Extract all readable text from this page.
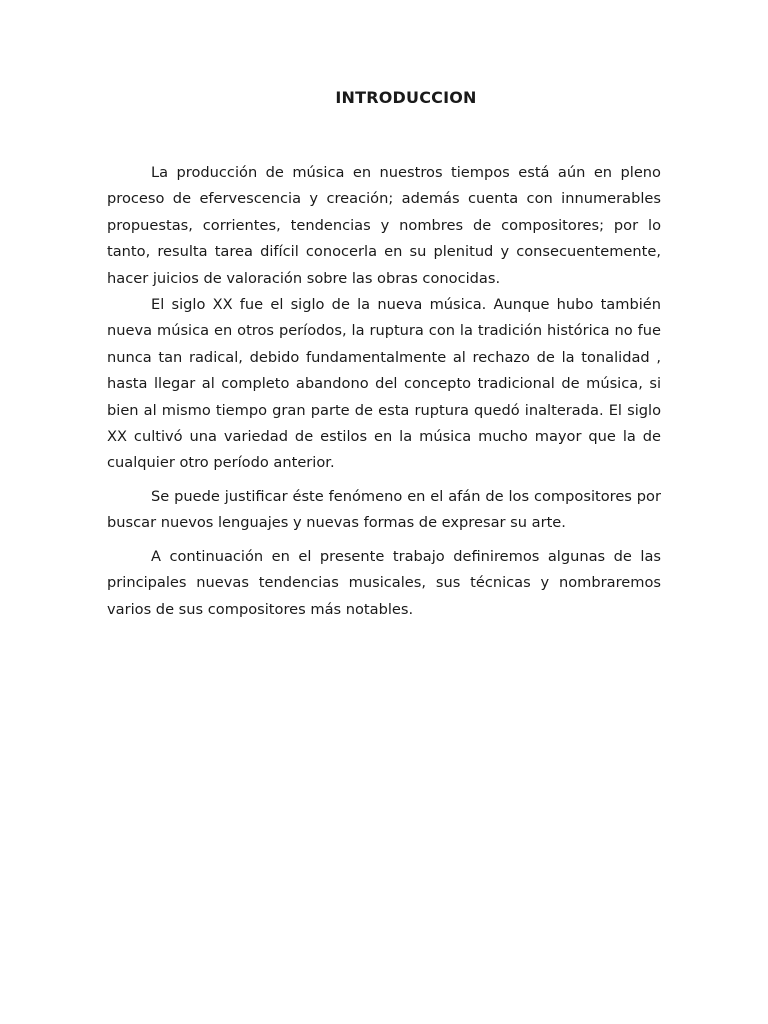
INTRODUCCION

La producción de música en nuestros tiempos está aún en pleno proceso de efervescencia y creación; además cuenta con innumerables propuestas, corrientes, tendencias y nombres de compositores; por lo tanto, resulta tarea difícil conocerla en su plenitud y consecuentemente, hacer juicios de valoración sobre las obras conocidas.

El siglo XX fue el siglo de la nueva música. Aunque hubo también nueva música en otros períodos, la ruptura con la tradición histórica no fue nunca tan radical, debido fundamentalmente al rechazo de la tonalidad , hasta llegar al completo abandono del concepto tradicional de música, si bien al mismo tiempo gran parte de esta ruptura quedó inalterada. El siglo XX cultivó una variedad de estilos en la música mucho mayor que la de cualquier otro período anterior.

Se puede justificar éste fenómeno en el afán de los compositores por buscar nuevos lenguajes y nuevas formas de expresar su arte.

A continuación en el presente trabajo definiremos algunas de las principales nuevas tendencias musicales, sus técnicas y nombraremos varios de sus compositores más notables.
